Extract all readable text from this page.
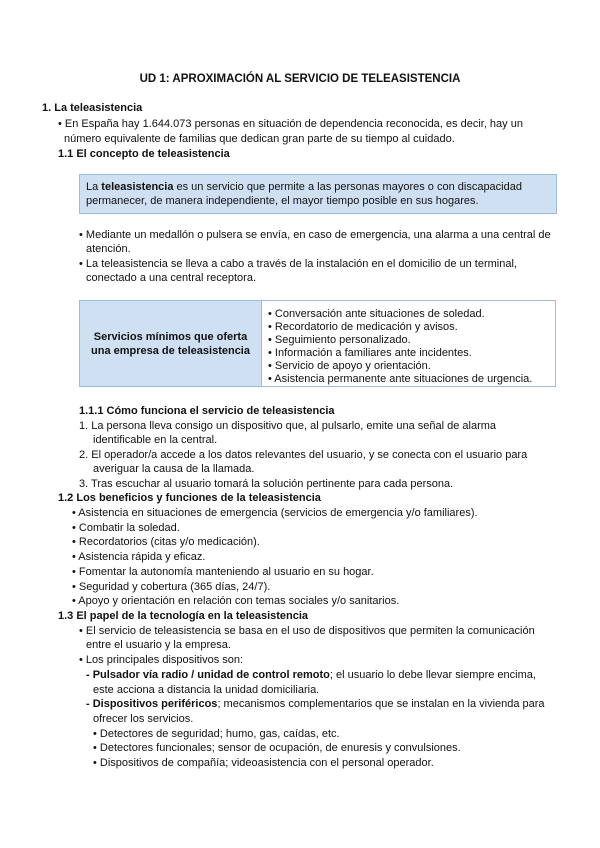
UD 1: APROXIMACIÓN AL SERVICIO DE TELEASISTENCIA
1. La teleasistencia
• En España hay 1.644.073 personas en situación de dependencia reconocida, es decir, hay un
número equivalente de familias que dedican gran parte de su tiempo al cuidado.
1.1 El concepto de teleasistencia
La teleasistencia es un servicio que permite a las personas mayores o con discapacidad
permanecer, de manera independiente, el mayor tiempo posible en sus hogares.
• Mediante un medallón o pulsera se envía, en caso de emergencia, una alarma a una central de
atención.
• La teleasistencia se lleva a cabo a través de la instalación en el domicilio de un terminal,
conectado a una central receptora.
Servicios mínimos que oferta
una empresa de teleasistencia
• Conversación ante situaciones de soledad.
• Recordatorio de medicación y avisos.
• Seguimiento personalizado.
• Información a familiares ante incidentes.
• Servicio de apoyo y orientación.
• Asistencia permanente ante situaciones de urgencia.
1.1.1 Cómo funciona el servicio de teleasistencia
1. La persona lleva consigo un dispositivo que, al pulsarlo, emite una señal de alarma
identificable en la central.
2. El operador/a accede a los datos relevantes del usuario, y se conecta con el usuario para
averiguar la causa de la llamada.
3. Tras escuchar al usuario tomará la solución pertinente para cada persona.
1.2 Los beneficios y funciones de la teleasistencia
• Asistencia en situaciones de emergencia (servicios de emergencia y/o familiares).
• Combatir la soledad.
• Recordatorios (citas y/o medicación).
• Asistencia rápida y eficaz.
• Fomentar la autonomía manteniendo al usuario en su hogar.
• Seguridad y cobertura (365 días, 24/7).
• Apoyo y orientación en relación con temas sociales y/o sanitarios.
1.3 El papel de la tecnología en la teleasistencia
• El servicio de teleasistencia se basa en el uso de dispositivos que permiten la comunicación
entre el usuario y la empresa.
• Los principales dispositivos son:
- Pulsador vía radio / unidad de control remoto; el usuario lo debe llevar siempre encima,
este acciona a distancia la unidad domiciliaria.
- Dispositivos periféricos; mecanismos complementarios que se instalan en la vivienda para
ofrecer los servicios.
• Detectores de seguridad; humo, gas, caídas, etc.
• Detectores funcionales; sensor de ocupación, de enuresis y convulsiones.
• Dispositivos de compañía; videoasistencia con el personal operador.
